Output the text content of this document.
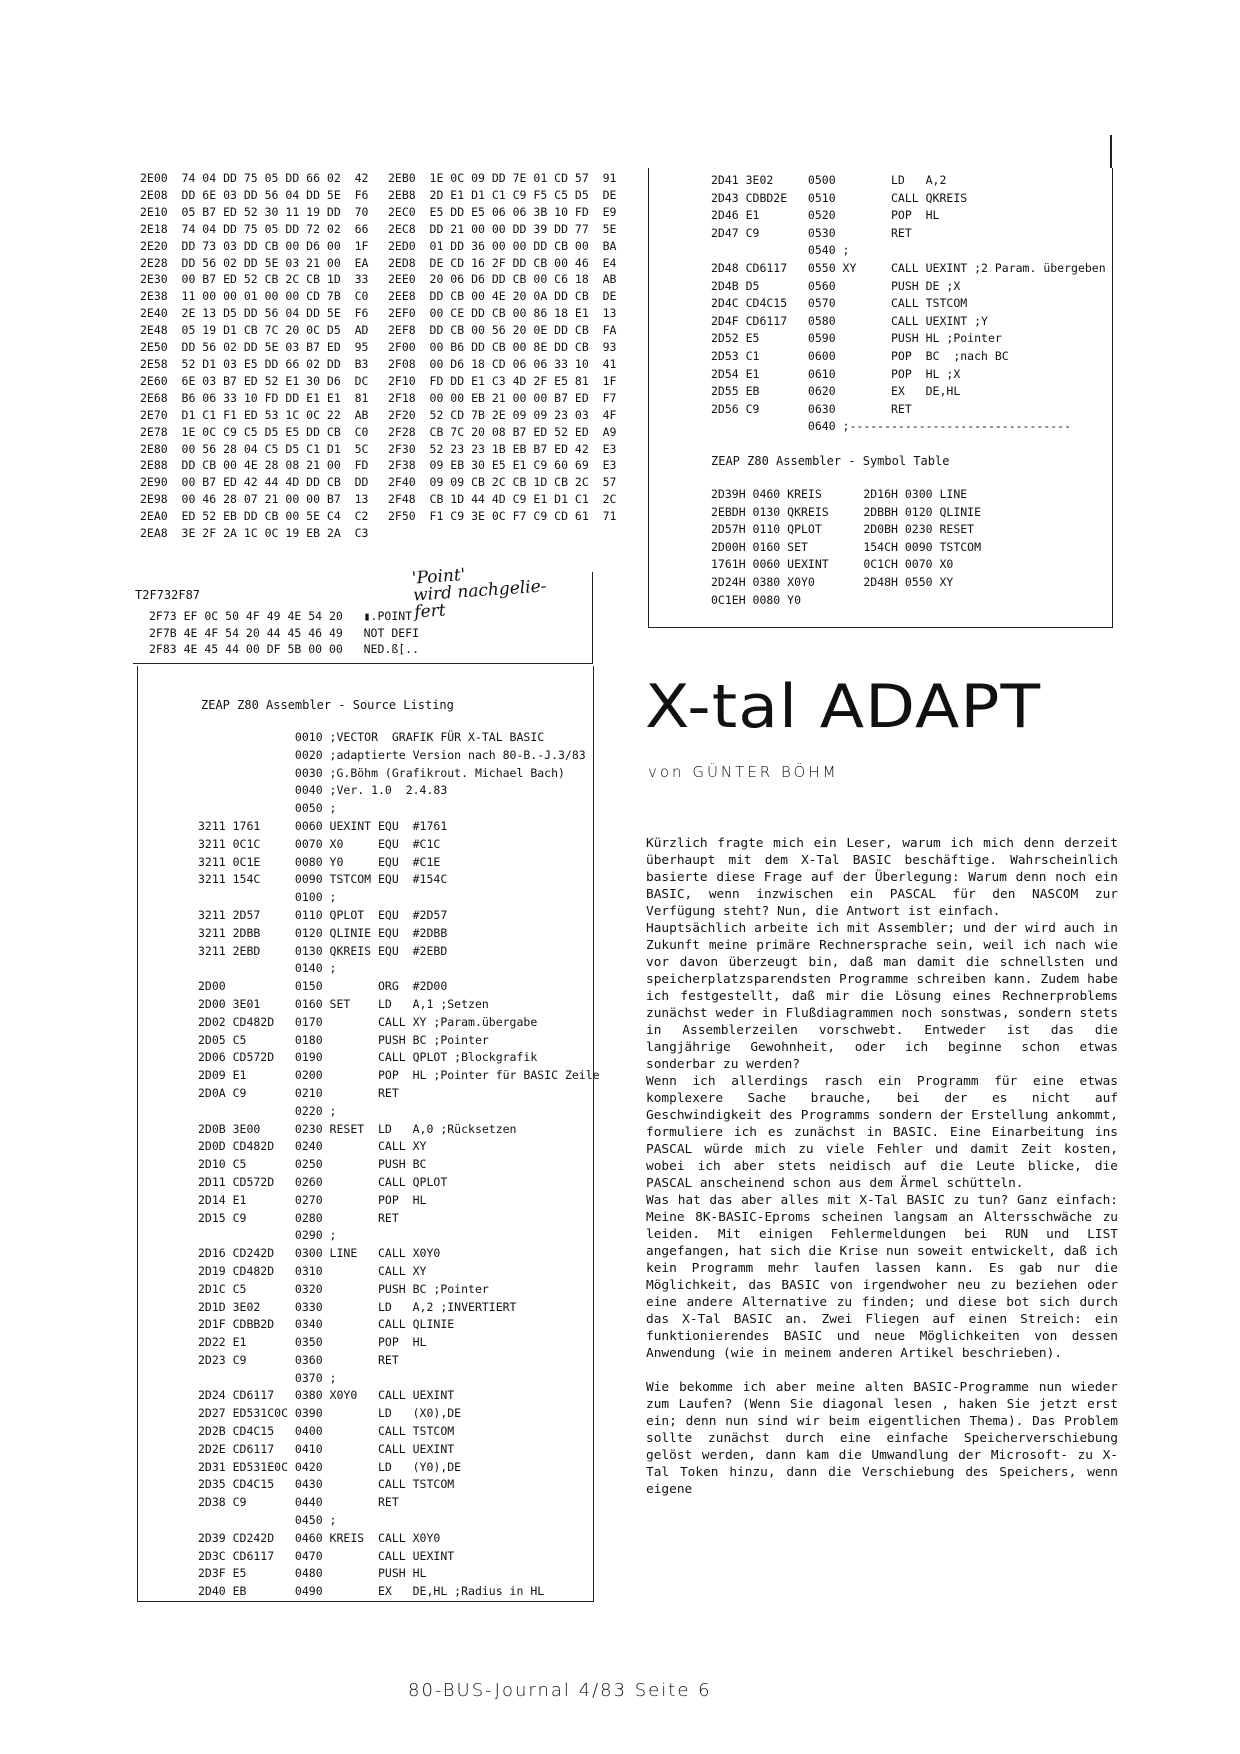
2E00  74 04 DD 75 05 DD 66 02  42
2E08  DD 6E 03 DD 56 04 DD 5E  F6
2E10  05 B7 ED 52 30 11 19 DD  70
2E18  74 04 DD 75 05 DD 72 02  66
2E20  DD 73 03 DD CB 00 D6 00  1F
2E28  DD 56 02 DD 5E 03 21 00  EA
2E30  00 B7 ED 52 CB 2C CB 1D  33
2E38  11 00 00 01 00 00 CD 7B  C0
2E40  2E 13 D5 DD 56 04 DD 5E  F6
2E48  05 19 D1 CB 7C 20 0C D5  AD
2E50  DD 56 02 DD 5E 03 B7 ED  95
2E58  52 D1 03 E5 DD 66 02 DD  B3
2E60  6E 03 B7 ED 52 E1 30 D6  DC
2E68  B6 06 33 10 FD DD E1 E1  81
2E70  D1 C1 F1 ED 53 1C 0C 22  AB
2E78  1E 0C C9 C5 D5 E5 DD CB  C0
2E80  00 56 28 04 C5 D5 C1 D1  5C
2E88  DD CB 00 4E 28 08 21 00  FD
2E90  00 B7 ED 42 44 4D DD CB  DD
2E98  00 46 28 07 21 00 00 B7  13
2EA0  ED 52 EB DD CB 00 5E C4  C2
2EA8  3E 2F 2A 1C 0C 19 EB 2A  C3
2EB0  1E 0C 09 DD 7E 01 CD 57  91
2EB8  2D E1 D1 C1 C9 F5 C5 D5  DE
2EC0  E5 DD E5 06 06 3B 10 FD  E9
2EC8  DD 21 00 00 DD 39 DD 77  5E
2ED0  01 DD 36 00 00 DD CB 00  BA
2ED8  DE CD 16 2F DD CB 00 46  E4
2EE0  20 06 D6 DD CB 00 C6 18  AB
2EE8  DD CB 00 4E 20 0A DD CB  DE
2EF0  00 CE DD CB 00 86 18 E1  13
2EF8  DD CB 00 56 20 0E DD CB  FA
2F00  00 B6 DD CB 00 8E DD CB  93
2F08  00 D6 18 CD 06 06 33 10  41
2F10  FD DD E1 C3 4D 2F E5 81  1F
2F18  00 00 EB 21 00 00 B7 ED  F7
2F20  52 CD 7B 2E 09 09 23 03  4F
2F28  CB 7C 20 08 B7 ED 52 ED  A9
2F30  52 23 23 1B EB B7 ED 42  E3
2F38  09 EB 30 E5 E1 C9 60 69  E3
2F40  09 09 CB 2C CB 1D CB 2C  57
2F48  CB 1D 44 4D C9 E1 D1 C1  2C
2F50  F1 C9 3E 0C F7 C9 CD 61  71
T2F732F87
2F73 EF 0C 50 4F 49 4E 54 20   ▮.POINT
2F7B 4E 4F 54 20 44 45 46 49   NOT DEFI
2F83 4E 45 44 00 DF 5B 00 00   NED.ß[..
'Point'
wird nachgelie-
fert
ZEAP Z80 Assembler - Source Listing
0010 ;VECTOR  GRAFIK FÜR X-TAL BASIC
0020 ;adaptierte Version nach 80-B.-J.3/83
0030 ;G.Böhm (Grafikrout. Michael Bach)
0040 ;Ver. 1.0  2.4.83
0050 ;
3211 1761     0060 UEXINT EQU  #1761
3211 0C1C     0070 X0     EQU  #C1C
3211 0C1E     0080 Y0     EQU  #C1E
3211 154C     0090 TSTCOM EQU  #154C
0100 ;
3211 2D57     0110 QPLOT  EQU  #2D57
3211 2DBB     0120 QLINIE EQU  #2DBB
3211 2EBD     0130 QKREIS EQU  #2EBD
0140 ;
2D00          0150        ORG  #2D00
2D00 3E01     0160 SET    LD   A,1 ;Setzen
2D02 CD482D   0170        CALL XY ;Param.übergabe
2D05 C5       0180        PUSH BC ;Pointer
2D06 CD572D   0190        CALL QPLOT ;Blockgrafik
2D09 E1       0200        POP  HL ;Pointer für BASIC Zeile
2D0A C9       0210        RET
0220 ;
2D0B 3E00     0230 RESET  LD   A,0 ;Rücksetzen
2D0D CD482D   0240        CALL XY
2D10 C5       0250        PUSH BC
2D11 CD572D   0260        CALL QPLOT
2D14 E1       0270        POP  HL
2D15 C9       0280        RET
0290 ;
2D16 CD242D   0300 LINE   CALL X0Y0
2D19 CD482D   0310        CALL XY
2D1C C5       0320        PUSH BC ;Pointer
2D1D 3E02     0330        LD   A,2 ;INVERTIERT
2D1F CDBB2D   0340        CALL QLINIE
2D22 E1       0350        POP  HL
2D23 C9       0360        RET
0370 ;
2D24 CD6117   0380 X0Y0   CALL UEXINT
2D27 ED531C0C 0390        LD   (X0),DE
2D2B CD4C15   0400        CALL TSTCOM
2D2E CD6117   0410        CALL UEXINT
2D31 ED531E0C 0420        LD   (Y0),DE
2D35 CD4C15   0430        CALL TSTCOM
2D38 C9       0440        RET
0450 ;
2D39 CD242D   0460 KREIS  CALL X0Y0
2D3C CD6117   0470        CALL UEXINT
2D3F E5       0480        PUSH HL
2D40 EB       0490        EX   DE,HL ;Radius in HL
2D41 3E02     0500        LD   A,2
2D43 CDBD2E   0510        CALL QKREIS
2D46 E1       0520        POP  HL
2D47 C9       0530        RET
0540 ;
2D48 CD6117   0550 XY     CALL UEXINT ;2 Param. übergeben
2D4B D5       0560        PUSH DE ;X
2D4C CD4C15   0570        CALL TSTCOM
2D4F CD6117   0580        CALL UEXINT ;Y
2D52 E5       0590        PUSH HL ;Pointer
2D53 C1       0600        POP  BC  ;nach BC
2D54 E1       0610        POP  HL ;X
2D55 EB       0620        EX   DE,HL
2D56 C9       0630        RET
0640 ;--------------------------------
ZEAP Z80 Assembler - Symbol Table
2D39H 0460 KREIS      2D16H 0300 LINE
2EBDH 0130 QKREIS     2DBBH 0120 QLINIE
2D57H 0110 QPLOT      2D0BH 0230 RESET
2D00H 0160 SET        154CH 0090 TSTCOM
1761H 0060 UEXINT     0C1CH 0070 X0
2D24H 0380 X0Y0       2D48H 0550 XY
0C1EH 0080 Y0
X-tal ADAPT
von GÜNTER BÖHM

Kürzlich fragte mich ein Leser, warum ich mich denn derzeit überhaupt mit dem X-Tal BASIC beschäftige. Wahrscheinlich basierte diese Frage auf der Überlegung: Warum denn noch ein BASIC, wenn inzwischen ein PASCAL für den NASCOM zur Verfügung steht? Nun, die Antwort ist einfach.

Hauptsächlich arbeite ich mit Assembler; und der wird auch in Zukunft meine primäre Rechnersprache sein, weil ich nach wie vor davon überzeugt bin, daß man damit die schnellsten und speicherplatzsparendsten Programme schreiben kann. Zudem habe ich festgestellt, daß mir die Lösung eines Rechnerproblems zunächst weder in Flußdiagrammen noch sonstwas, sondern stets in Assemblerzeilen vorschwebt. Entweder ist das die langjährige Gewohnheit, oder ich beginne schon etwas sonderbar zu werden?

Wenn ich allerdings rasch ein Programm für eine etwas komplexere Sache brauche, bei der es nicht auf Geschwindigkeit des Programms sondern der Erstellung ankommt, formuliere ich es zunächst in BASIC. Eine Einarbeitung ins PASCAL würde mich zu viele Fehler und damit Zeit kosten, wobei ich aber stets neidisch auf die Leute blicke, die PASCAL anscheinend schon aus dem Ärmel schütteln.

Was hat das aber alles mit X-Tal BASIC zu tun? Ganz einfach: Meine 8K-BASIC-Eproms scheinen langsam an Altersschwäche zu leiden. Mit einigen Fehlermeldungen bei RUN und LIST angefangen, hat sich die Krise nun soweit entwickelt, daß ich kein Programm mehr laufen lassen kann. Es gab nur die Möglichkeit, das BASIC von irgendwoher neu zu beziehen oder eine andere Alternative zu finden; und diese bot sich durch das X-Tal BASIC an. Zwei Fliegen auf einen Streich: ein funktionierendes BASIC und neue Möglichkeiten von dessen Anwendung (wie in meinem anderen Artikel beschrieben).

Wie bekomme ich aber meine alten BASIC-Programme nun wieder zum Laufen? (Wenn Sie diagonal lesen , haken Sie jetzt erst ein; denn nun sind wir beim eigentlichen Thema). Das Problem sollte zunächst durch eine einfache Speicherverschiebung gelöst werden, dann kam die Umwandlung der Microsoft- zu X-Tal Token hinzu, dann die Verschiebung des Speichers, wenn eigene

80-BUS-Journal 4/83 Seite 6
